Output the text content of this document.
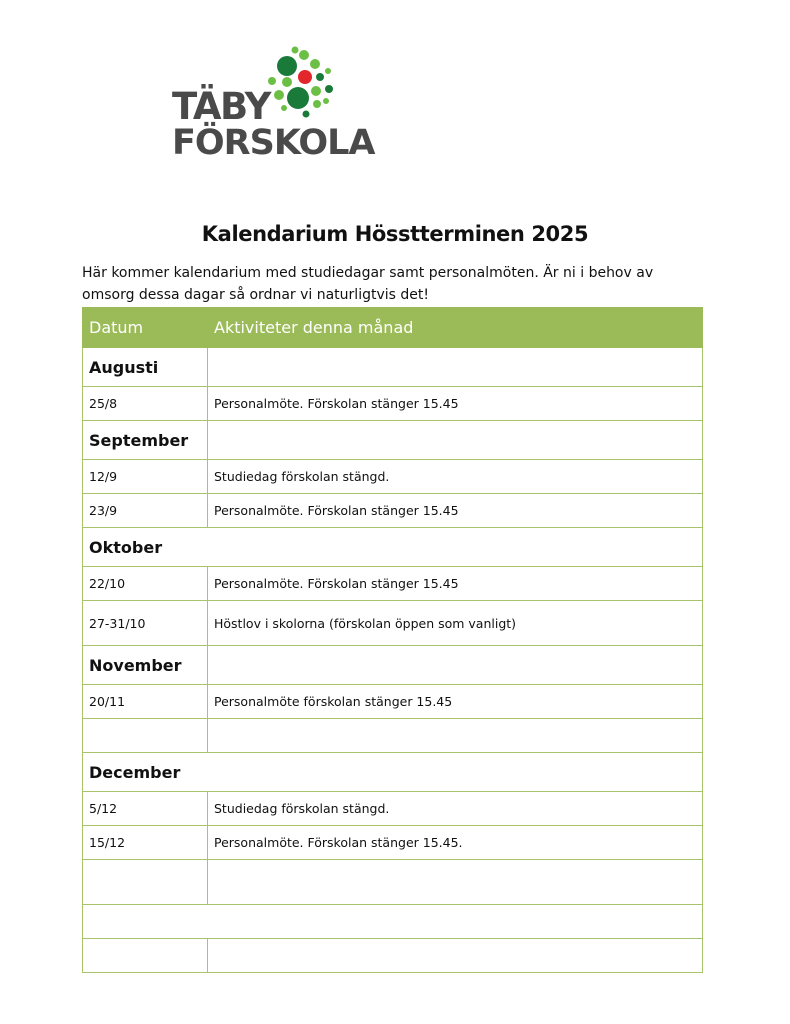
TÄBY
FÖRSKOLA
Kalendarium Hösstterminen 2025
Här kommer kalendarium med studiedagar samt personalmöten. Är ni i behov av omsorg dessa dagar så ordnar vi naturligtvis det!
Datum	Aktiviteter denna månad
Augusti	
25/8	Personalmöte. Förskolan stänger 15.45
September	
12/9	Studiedag förskolan stängd.
23/9	Personalmöte. Förskolan stänger 15.45
Oktober	
22/10	Personalmöte. Förskolan stänger 15.45
27-31/10	Höstlov i skolorna (förskolan öppen som vanligt)
November	
20/11	Personalmöte förskolan stänger 15.45

December	
5/12	Studiedag förskolan stängd.
15/12	Personalmöte. Förskolan stänger 15.45.
